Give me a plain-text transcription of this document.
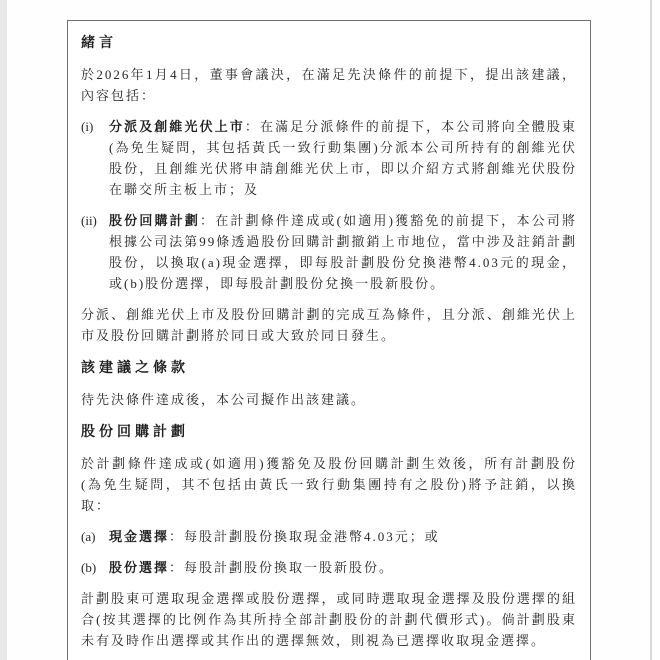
緒言
於2026年1月4日，董事會議決，在滿足先決條件的前提下，提出該建議，內容包括：
(i)	分派及創維光伏上市：在滿足分派條件的前提下，本公司將向全體股東(為免生疑問，其包括黃氏一致行動集團)分派本公司所持有的創維光伏股份，且創維光伏將申請創維光伏上市，即以介紹方式將創維光伏股份在聯交所主板上市；及
(ii) 股份回購計劃：在計劃條件達成或(如適用)獲豁免的前提下，本公司將根據公司法第99條透過股份回購計劃撤銷上市地位，當中涉及註銷計劃股份，以換取(a)現金選擇，即每股計劃股份兌換港幣4.03元的現金，或(b)股份選擇，即每股計劃股份兌換一股新股份。
分派、創維光伏上市及股份回購計劃的完成互為條件，且分派、創維光伏上市及股份回購計劃將於同日或大致於同日發生。
該建議之條款
待先決條件達成後，本公司擬作出該建議。
股份回購計劃
於計劃條件達成或(如適用)獲豁免及股份回購計劃生效後，所有計劃股份(為免生疑問，其不包括由黃氏一致行動集團持有之股份)將予註銷，以換取：
(a)	現金選擇：每股計劃股份換取現金港幣4.03元；或
(b) 股份選擇：每股計劃股份換取一股新股份。
計劃股東可選取現金選擇或股份選擇，或同時選取現金選擇及股份選擇的組合(按其選擇的比例作為其所持全部計劃股份的計劃代價形式)。倘計劃股東未有及時作出選擇或其作出的選擇無效，則視為已選擇收取現金選擇。
